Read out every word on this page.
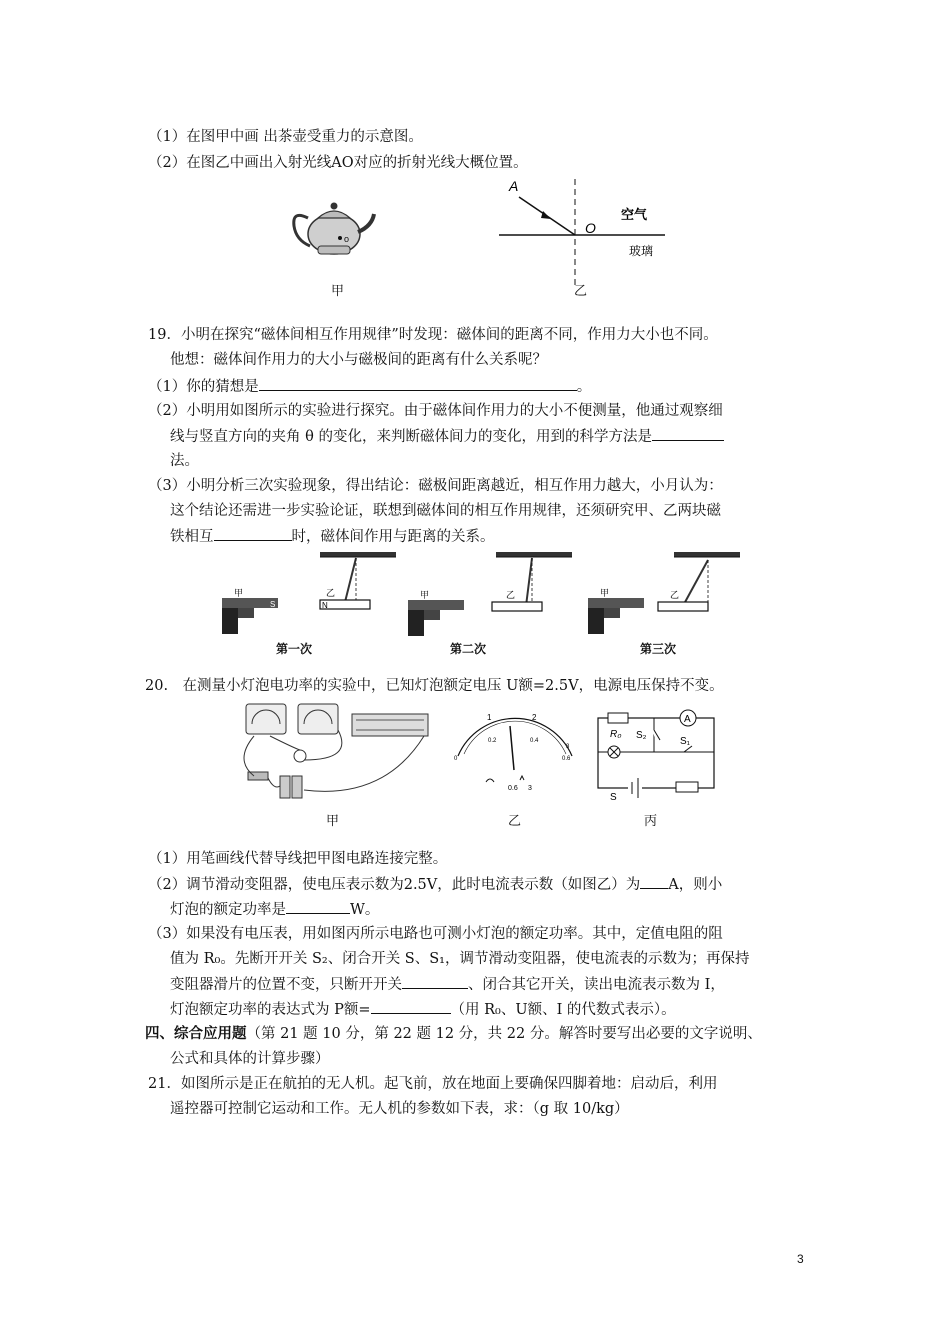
（1）在图甲中画 出茶壶受重力的示意图。
（2）在图乙中画出入射光线AO对应的折射光线大概位置。
o
甲
A
O
空气
玻璃
乙
19．小明在探究“磁体间相互作用规律”时发现：磁体间的距离不同，作用力大小也不同。
他想：磁体间作用力的大小与磁极间的距离有什么关系呢？
（1）你的猜想是	。
（2）小明用如图所示的实验进行探究。由于磁体间作用力的大小不便测量，他通过观察细
线与竖直方向的夹角 θ 的变化，来判断磁体间力的变化，用到的科学方法是
法。
（3）小明分析三次实验现象，得出结论：磁极间距离越近，相互作用力越大，小月认为：
这个结论还需进一步实验论证，联想到磁体间的相互作用规律，还须研究甲、乙两块磁
铁相互	时，磁体间作用与距离的关系。
甲	乙
N
S
甲	乙	甲	乙
第一次	第二次	第三次
20.　在测量小灯泡电功率的实验中，已知灯泡额定电压 U额=2.5V，电源电压保持不变。
甲
1	2
0.2	0.4
0
3
0.6
0.6 3
乙
A
R₀ S₂
S₁
S
丙
（1）用笔画线代替导线把甲图电路连接完整。
（2）调节滑动变阻器，使电压表示数为2.5V，此时电流表示数（如图乙）为 A，则小
灯泡的额定功率是	W。
（3）如果没有电压表，用如图丙所示电路也可测小灯泡的额定功率。其中，定值电阻的阻
值为 R₀。先断开开关 S₂、闭合开关 S、S₁，调节滑动变阻器，使电流表的示数为；再保持
变阻器滑片的位置不变，只断开开关	、闭合其它开关，读出电流表示数为 I，
灯泡额定功率的表达式为 P额=	（用 R₀、U额、I 的代数式表示）。
四、综合应用题（第 21 题 10 分，第 22 题 12 分，共 22 分。解答时要写出必要的文字说明、
公式和具体的计算步骤）
21．如图所示是正在航拍的无人机。起飞前，放在地面上要确保四脚着地：启动后，利用
遥控器可控制它运动和工作。无人机的参数如下表，求：（g 取 10/kg）
3
